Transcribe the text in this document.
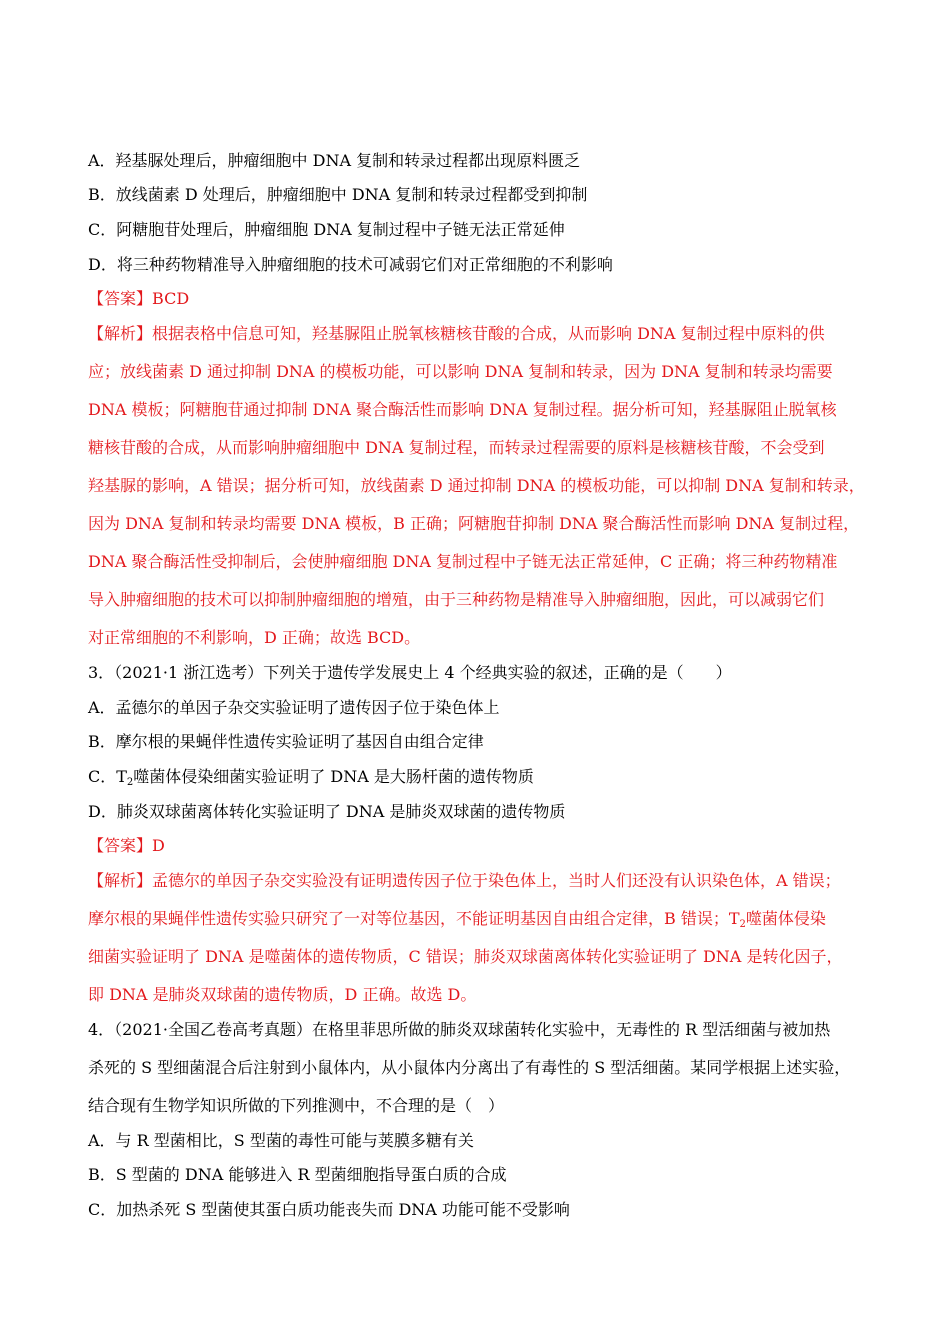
A．羟基脲处理后，肿瘤细胞中 DNA 复制和转录过程都出现原料匮乏
B．放线菌素 D 处理后，肿瘤细胞中 DNA 复制和转录过程都受到抑制
C．阿糖胞苷处理后，肿瘤细胞 DNA 复制过程中子链无法正常延伸
D．将三种药物精准导入肿瘤细胞的技术可减弱它们对正常细胞的不利影响
【答案】BCD
【解析】根据表格中信息可知，羟基脲阻止脱氧核糖核苷酸的合成，从而影响 DNA 复制过程中原料的供
应；放线菌素 D 通过抑制 DNA 的模板功能，可以影响 DNA 复制和转录，因为 DNA 复制和转录均需要
DNA 模板；阿糖胞苷通过抑制 DNA 聚合酶活性而影响 DNA 复制过程。据分析可知，羟基脲阻止脱氧核
糖核苷酸的合成，从而影响肿瘤细胞中 DNA 复制过程，而转录过程需要的原料是核糖核苷酸，不会受到
羟基脲的影响，A 错误；据分析可知，放线菌素 D 通过抑制 DNA 的模板功能，可以抑制 DNA 复制和转录，
因为 DNA 复制和转录均需要 DNA 模板，B 正确；阿糖胞苷抑制 DNA 聚合酶活性而影响 DNA 复制过程，
DNA 聚合酶活性受抑制后，会使肿瘤细胞 DNA 复制过程中子链无法正常延伸，C 正确；将三种药物精准
导入肿瘤细胞的技术可以抑制肿瘤细胞的增殖，由于三种药物是精准导入肿瘤细胞，因此，可以减弱它们
对正常细胞的不利影响，D 正确；故选 BCD。
3．（2021·1 浙江选考）下列关于遗传学发展史上 4 个经典实验的叙述，正确的是（　　）
A．孟德尔的单因子杂交实验证明了遗传因子位于染色体上
B．摩尔根的果蝇伴性遗传实验证明了基因自由组合定律
C．$T_2$噬菌体侵染细菌实验证明了 DNA 是大肠杆菌的遗传物质
D．肺炎双球菌离体转化实验证明了 DNA 是肺炎双球菌的遗传物质
【答案】D
【解析】孟德尔的单因子杂交实验没有证明遗传因子位于染色体上，当时人们还没有认识染色体，A 错误；
摩尔根的果蝇伴性遗传实验只研究了一对等位基因，不能证明基因自由组合定律，B 错误；$T_2$噬菌体侵染
细菌实验证明了 DNA 是噬菌体的遗传物质，C 错误；肺炎双球菌离体转化实验证明了 DNA 是转化因子，
即 DNA 是肺炎双球菌的遗传物质，D 正确。故选 D。
4．（2021·全国乙卷高考真题）在格里菲思所做的肺炎双球菌转化实验中，无毒性的 R 型活细菌与被加热
杀死的 S 型细菌混合后注射到小鼠体内，从小鼠体内分离出了有毒性的 S 型活细菌。某同学根据上述实验，
结合现有生物学知识所做的下列推测中，不合理的是（　）
A．与 R 型菌相比，S 型菌的毒性可能与荚膜多糖有关
B．S 型菌的 DNA 能够进入 R 型菌细胞指导蛋白质的合成
C．加热杀死 S 型菌使其蛋白质功能丧失而 DNA 功能可能不受影响
